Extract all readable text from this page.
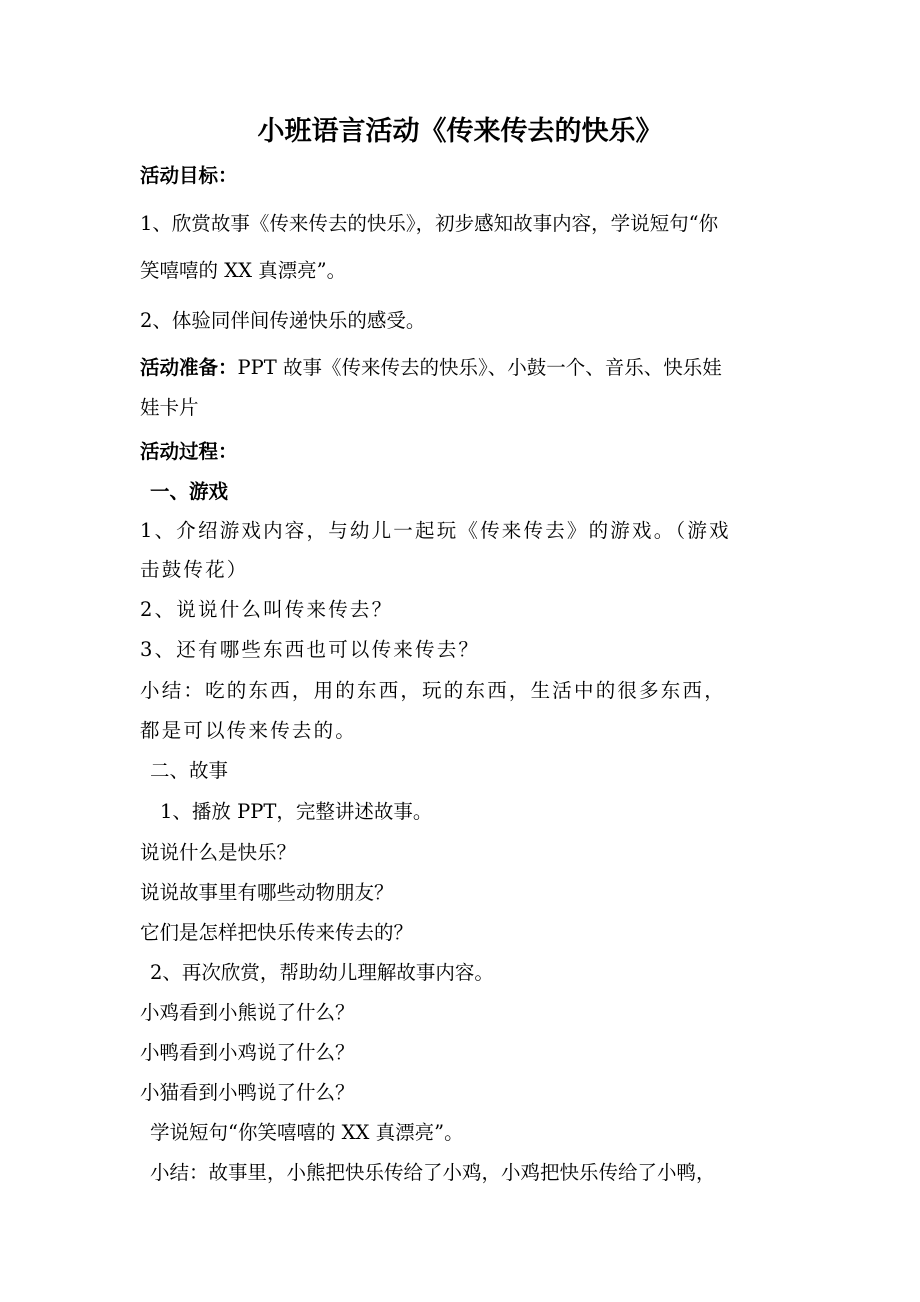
小班语言活动《传来传去的快乐》
活动目标：
1、欣赏故事《传来传去的快乐》，初步感知故事内容，学说短句“你
笑嘻嘻的 XX 真漂亮”。
2、体验同伴间传递快乐的感受。
活动准备：PPT 故事《传来传去的快乐》、小鼓一个、音乐、快乐娃
娃卡片
活动过程：
一、游戏
1、介绍游戏内容，与幼儿一起玩《传来传去》的游戏。（游戏
击鼓传花）
2、说说什么叫传来传去？
3、还有哪些东西也可以传来传去？
小结：吃的东西，用的东西，玩的东西，生活中的很多东西，
都是可以传来传去的。
二、故事
1、播放 PPT，完整讲述故事。
说说什么是快乐？
说说故事里有哪些动物朋友？
它们是怎样把快乐传来传去的？
2、再次欣赏，帮助幼儿理解故事内容。
小鸡看到小熊说了什么？
小鸭看到小鸡说了什么？
小猫看到小鸭说了什么？
学说短句“你笑嘻嘻的 XX 真漂亮”。
小结：故事里，小熊把快乐传给了小鸡，小鸡把快乐传给了小鸭，
